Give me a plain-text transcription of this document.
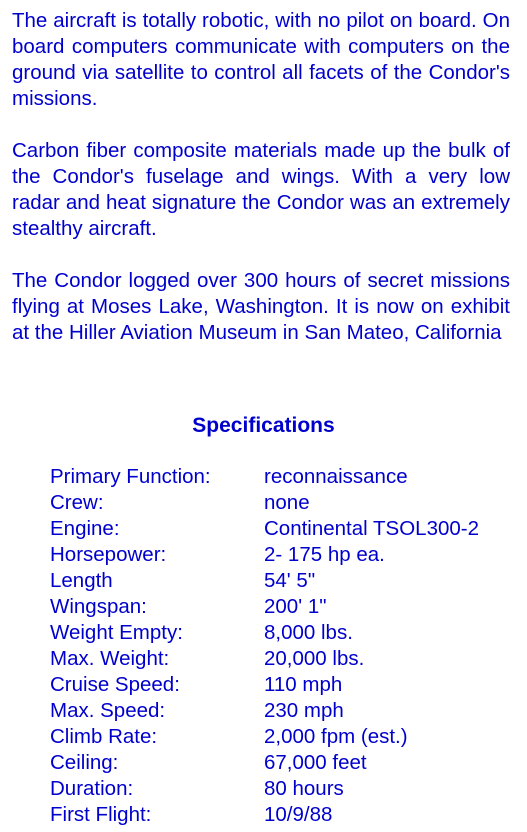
The aircraft is totally robotic, with no pilot on board. On board computers communicate with computers on the ground via satellite to control all facets of the Condor's missions.

Carbon fiber composite materials made up the bulk of the Condor's fuselage and wings. With a very low radar and heat signature the Condor was an extremely stealthy aircraft.

The Condor logged over 300 hours of secret missions flying at Moses Lake, Washington. It is now on exhibit at the Hiller Aviation Museum in San Mateo, California

Specifications
Primary Function:	reconnaissance
Crew:	none
Engine:	Continental TSOL300-2
Horsepower:	2- 175 hp ea.
Length	54' 5"
Wingspan:	200' 1"
Weight Empty:	8,000 lbs.
Max. Weight:	20,000 lbs.
Cruise Speed:	110 mph
Max. Speed:	230 mph
Climb Rate:	2,000 fpm (est.)
Ceiling:	67,000 feet
Duration:	80 hours
First Flight:	10/9/88
